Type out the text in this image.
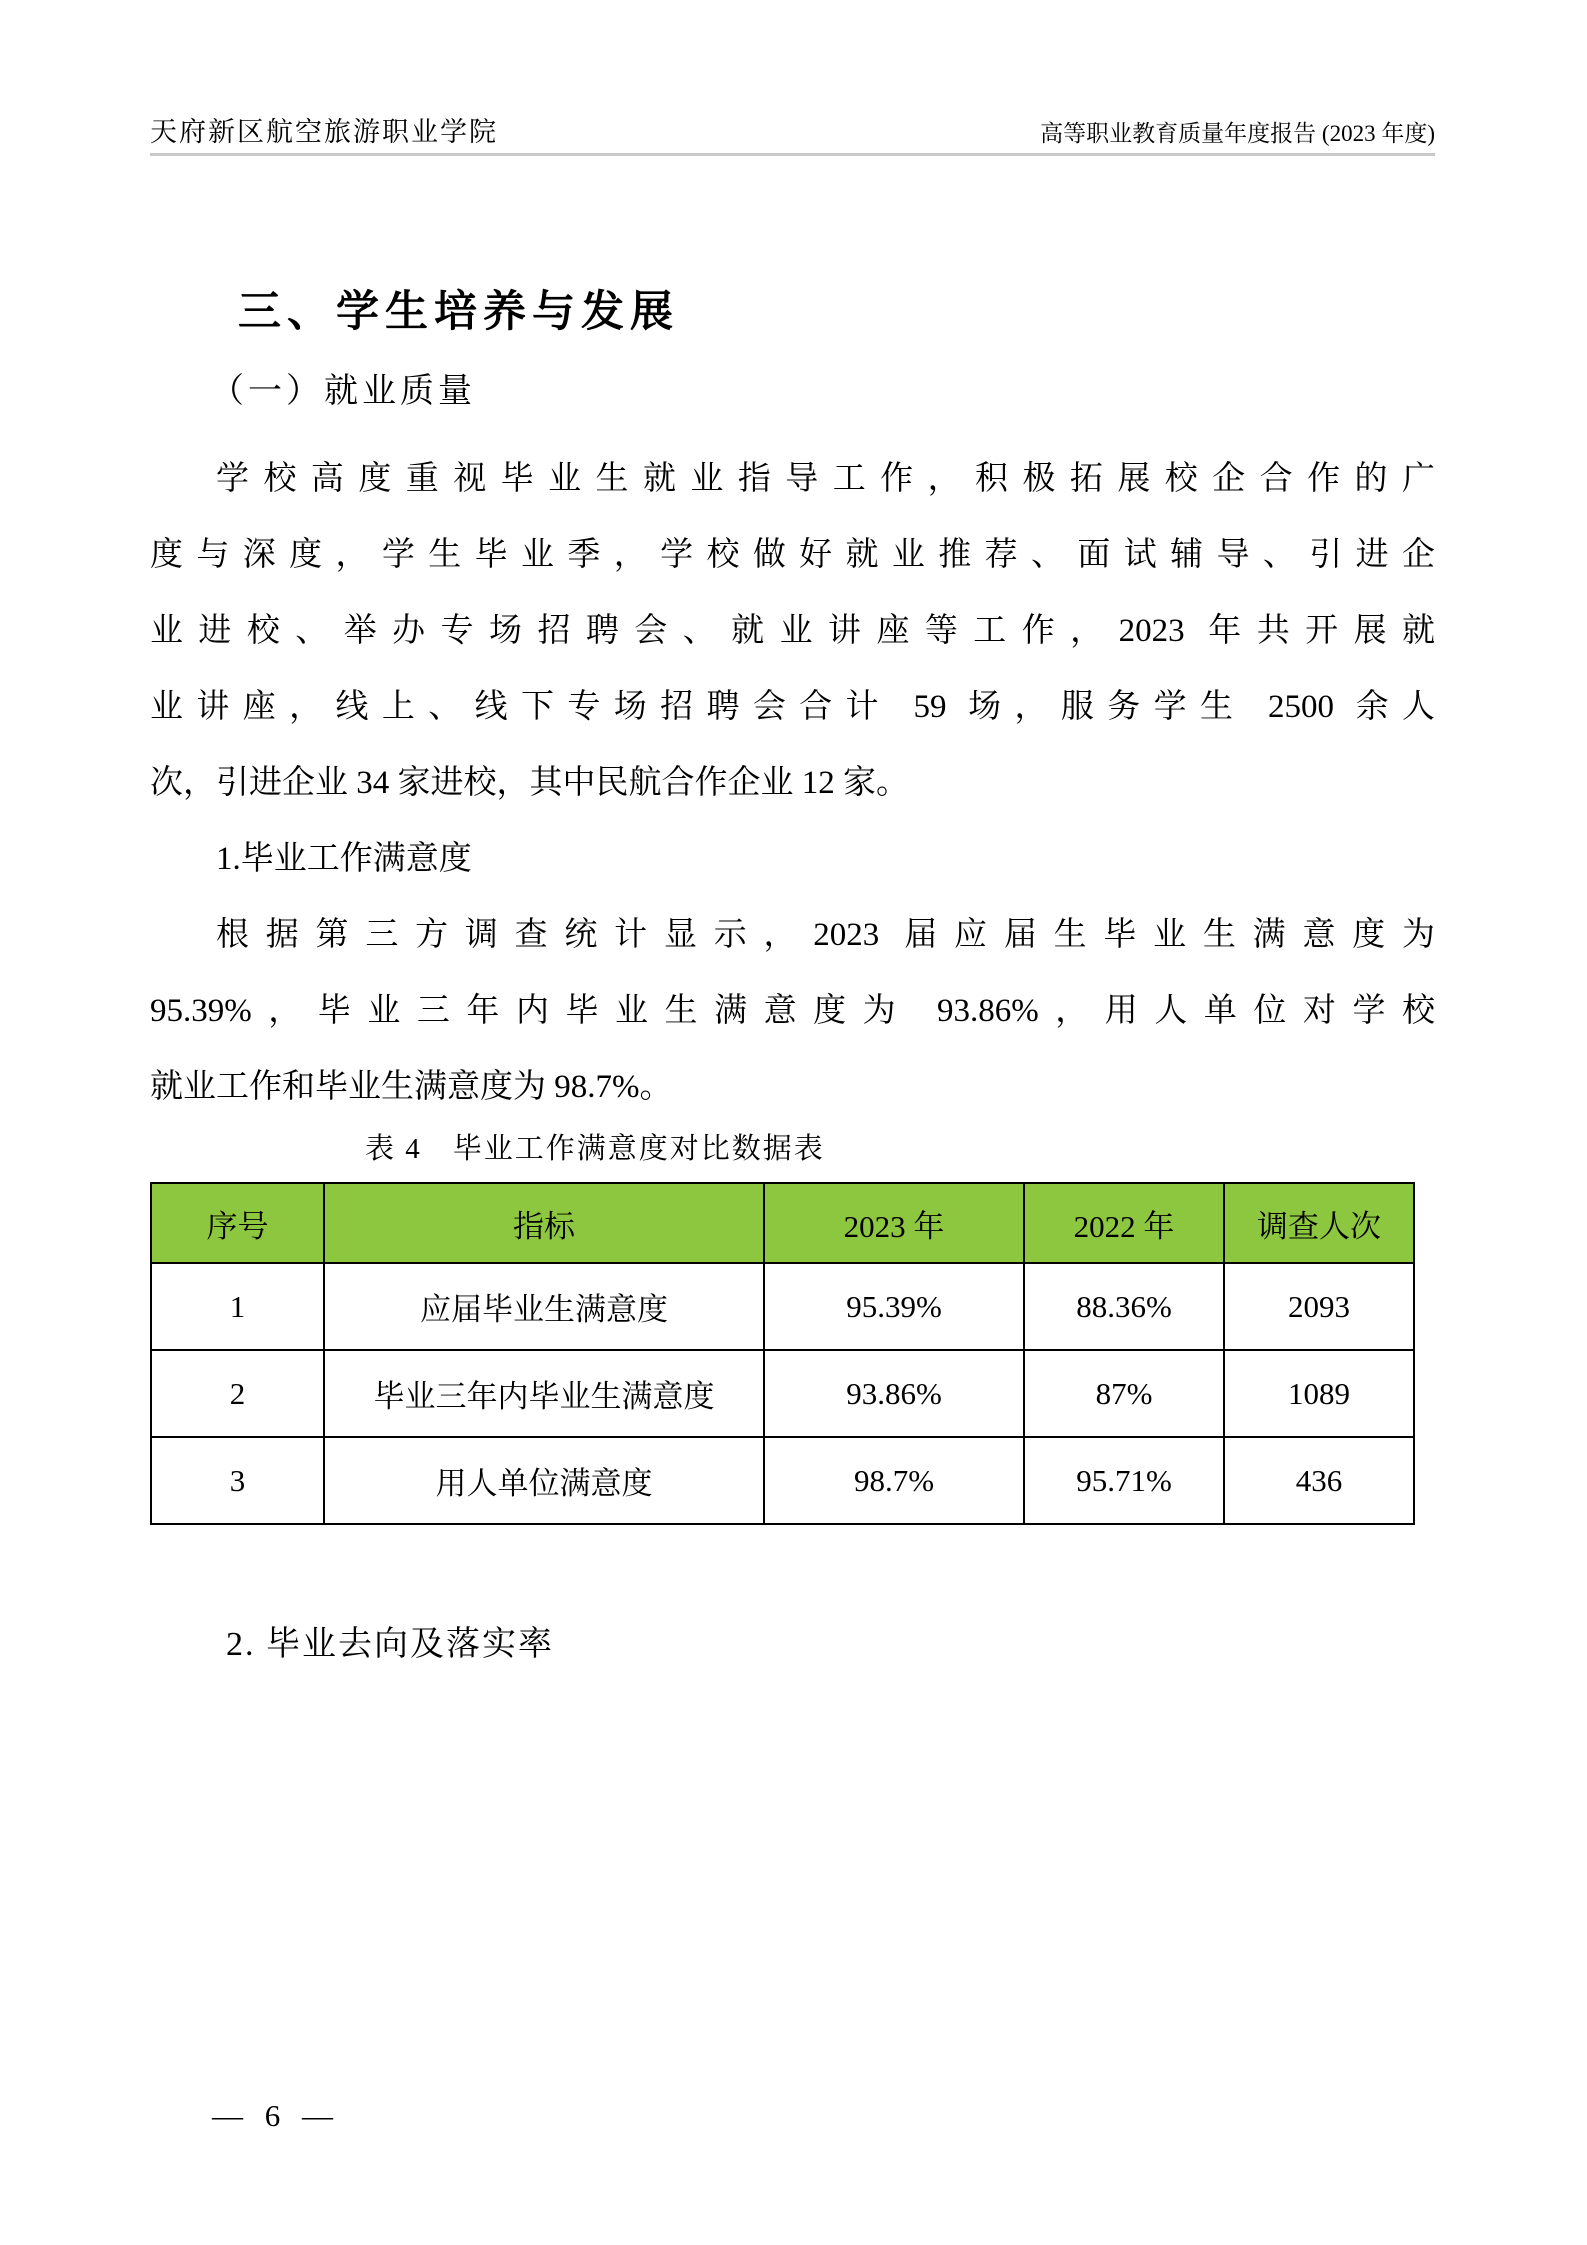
天府新区航空旅游职业学院	高等职业教育质量年度报告 (2023 年度)
三、学生培养与发展
（一）就业质量
学校高度重视毕业生就业指导工作，积极拓展校企合作的广
度与深度，学生毕业季，学校做好就业推荐、面试辅导、引进企
业进校、举办专场招聘会、就业讲座等工作，2023 年共开展就
业讲座，线上、线下专场招聘会合计 59 场，服务学生 2500 余人
次，引进企业 34 家进校，其中民航合作企业 12 家。
1.毕业工作满意度
根据第三方调查统计显示，2023 届应届生毕业生满意度为
95.39%，毕业三年内毕业生满意度为 93.86%，用人单位对学校
就业工作和毕业生满意度为 98.7%。
表 4　毕业工作满意度对比数据表
序号	指标	2023 年	2022 年	调查人次
1	应届毕业生满意度	95.39%	88.36%	2093
2	毕业三年内毕业生满意度	93.86%	87%	1089
3	用人单位满意度	98.7%	95.71%	436
2. 毕业去向及落实率
— 6 —
